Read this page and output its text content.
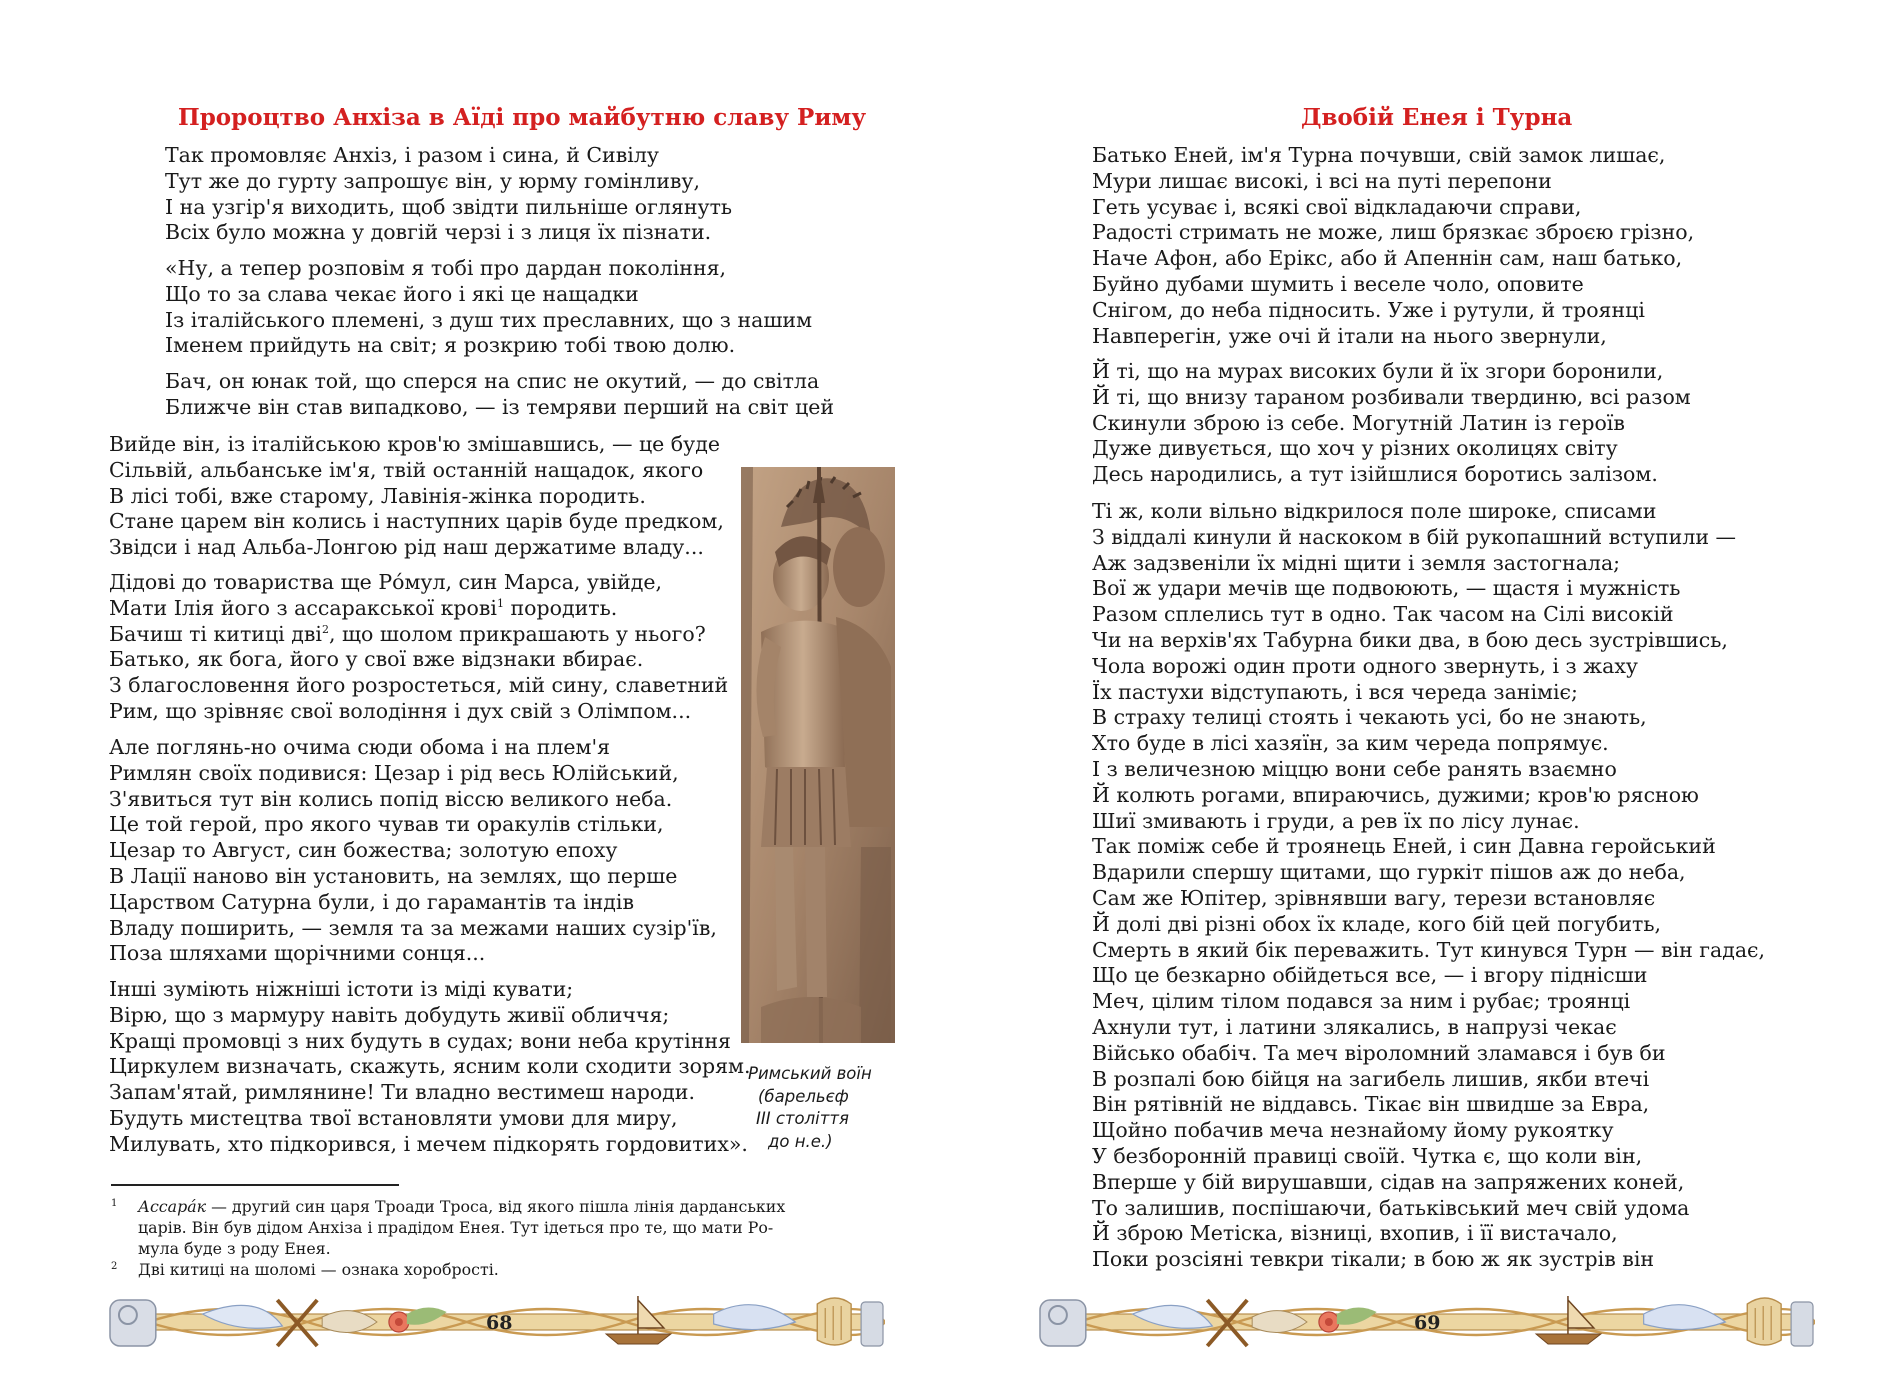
Пророцтво Анхіза в Аїді про майбутню славу Риму
Так промовляє Анхіз, і разом і сина, й Сивілу
Тут же до гурту запрошує він, у юрму гомінливу,
І на узгір'я виходить, щоб звідти пильніше оглянуть
Всіх було можна у довгій черзі і з лиця їх пізнати.
«Ну, а тепер розповім я тобі про дардан покоління,
Що то за слава чекає його і які це нащадки
Із італійського племені, з душ тих преславних, що з нашим
Іменем прийдуть на світ; я розкрию тобі твою долю.
Бач, он юнак той, що сперся на спис не окутий, — до світла
Ближче він став випадково, — із темряви перший на світ цей
Вийде він, із італійською кров'ю змішавшись, — це буде
Сільвій, альбанське ім'я, твій останній нащадок, якого
В лісі тобі, вже старому, Лавінія-жінка породить.
Стане царем він колись і наступних царів буде предком,
Звідси і над Альба-Лонгою рід наш держатиме владу...
Дідові до товариства ще Ро́мул, син Марса, увійде,
Мати Ілія його з ассаракської крові$^1$ породить.
Бачиш ті китиці дві$^2$, що шолом прикрашають у нього?
Батько, як бога, його у свої вже відзнаки вбирає.
З благословення його розростеться, мій сину, славетний
Рим, що зрівняє свої володіння і дух свій з Олімпом...
Але поглянь-но очима сюди обома і на плем'я
Римлян своїх подивися: Цезар і рід весь Юлійський,
З'явиться тут він колись попід віссю великого неба.
Це той герой, про якого чував ти оракулів стільки,
Цезар то Август, син божества; золотую епоху
В Лації наново він установить, на землях, що перше
Царством Сатурна були, і до гарамантів та індів
Владу поширить, — земля та за межами наших сузір'їв,
Поза шляхами щорічними сонця...
Інші зуміють ніжніші істоти із міді кувати;
Вірю, що з мармуру навіть добудуть живії обличчя;
Кращі промовці з них будуть в судах; вони неба крутіння
Циркулем визначать, скажуть, ясним коли сходити зорям.
Запам'ятай, римлянине! Ти владно вестимеш народи.
Будуть мистецтва твої встановляти умови для миру,
Милувать, хто підкорився, і мечем підкорять гордовитих».
Римський воїн
(барельєф
III століття
до н.е.)
1 Ассара́к — другий син царя Троади Троса, від якого пішла лінія дарданських
царів. Він був дідом Анхіза і прадідом Енея. Тут ідеться про те, що мати Ро-
мула буде з роду Енея.
2 Дві китиці на шоломі — ознака хоробрості.
68
Двобій Енея і Турна
Батько Еней, ім'я Турна почувши, свій замок лишає,
Мури лишає високі, і всі на путі перепони
Геть усуває і, всякі свої відкладаючи справи,
Радості стримать не може, лиш брязкає зброєю грізно,
Наче Афон, або Ерікс, або й Апеннін сам, наш батько,
Буйно дубами шумить і веселе чоло, оповите
Снігом, до неба підносить. Уже і рутули, й троянці
Навперегін, уже очі й італи на нього звернули,
Й ті, що на мурах високих були й їх згори боронили,
Й ті, що внизу тараном розбивали твердиню, всі разом
Скинули зброю із себе. Могутній Латин із героїв
Дуже дивується, що хоч у різних околицях світу
Десь народились, а тут ізійшлися боротись залізом.
Ті ж, коли вільно відкрилося поле широке, списами
З віддалі кинули й наскоком в бій рукопашний вступили —
Аж задзвеніли їх мідні щити і земля застогнала;
Вої ж удари мечів ще подвоюють, — щастя і мужність
Разом сплелись тут в одно. Так часом на Сілі високій
Чи на верхів'ях Табурна бики два, в бою десь зустрівшись,
Чола ворожі один проти одного звернуть, і з жаху
Їх пастухи відступають, і вся череда заніміє;
В страху телиці стоять і чекають усі, бо не знають,
Хто буде в лісі хазяїн, за ким череда попрямує.
І з величезною міццю вони себе ранять взаємно
Й колють рогами, впираючись, дужими; кров'ю рясною
Шиї змивають і груди, а рев їх по лісу лунає.
Так поміж себе й троянець Еней, і син Давна геройський
Вдарили спершу щитами, що гуркіт пішов аж до неба,
Сам же Юпітер, зрівнявши вагу, терези встановляє
Й долі дві різні обох їх кладе, кого бій цей погубить,
Смерть в який бік переважить. Тут кинувся Турн — він гадає,
Що це безкарно обійдеться все, — і вгору піднісши
Меч, цілим тілом подався за ним і рубає; троянці
Ахнули тут, і латини злякались, в напрузі чекає
Військо обабіч. Та меч віроломний зламався і був би
В розпалі бою бійця на загибель лишив, якби втечі
Він рятівній не віддавсь. Тікає він швидше за Евра,
Щойно побачив меча незнайому йому рукоятку
У безборонній правиці своїй. Чутка є, що коли він,
Вперше у бій вирушавши, сідав на запряжених коней,
То залишив, поспішаючи, батьківський меч свій удома
Й зброю Метіска, візниці, вхопив, і її вистачало,
Поки розсіяні тевкри тікали; в бою ж як зустрів він
69
